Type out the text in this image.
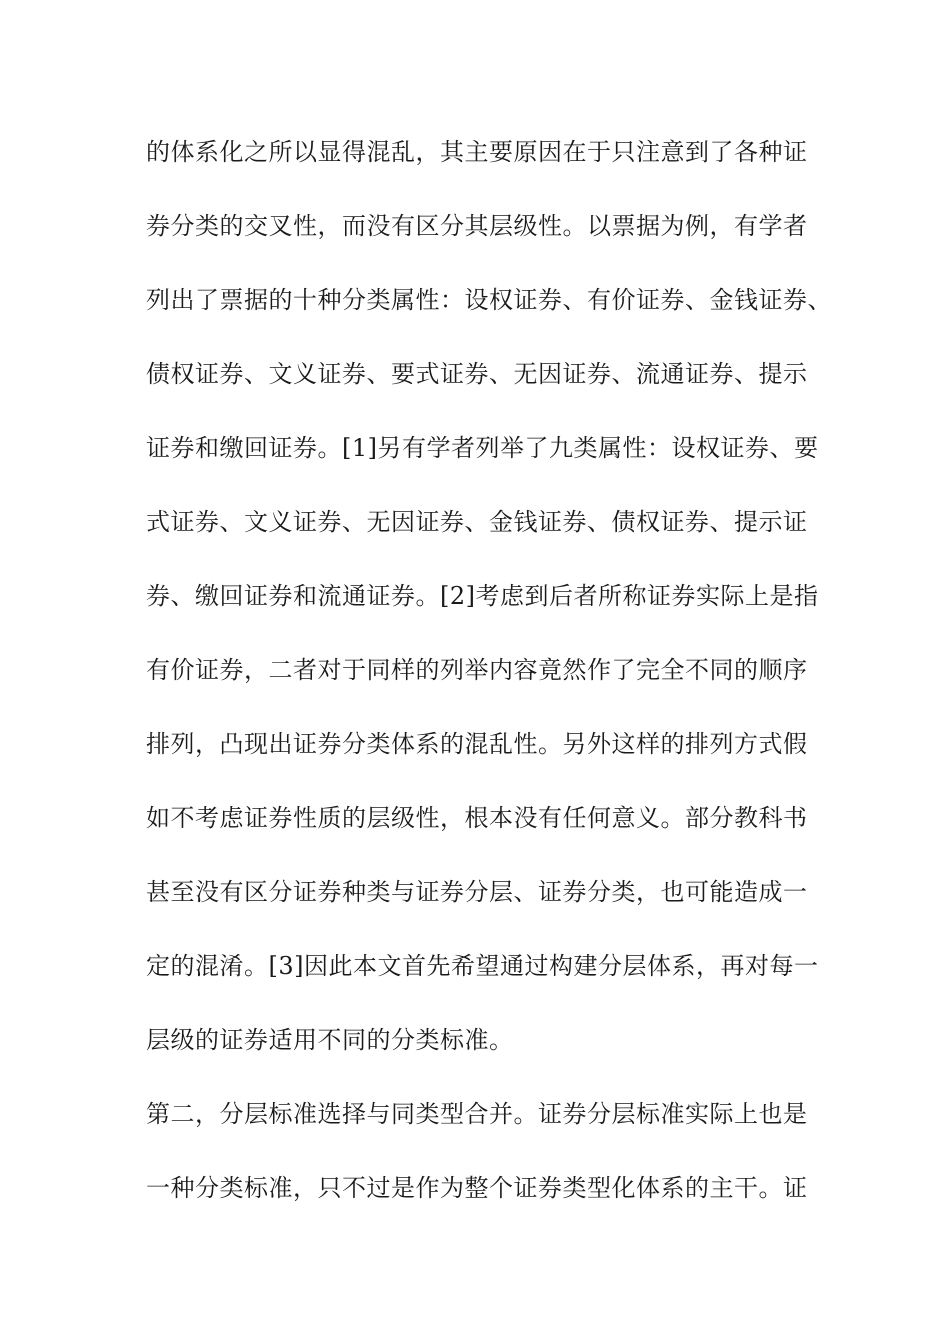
的体系化之所以显得混乱，其主要原因在于只注意到了各种证
券分类的交叉性，而没有区分其层级性。以票据为例，有学者
列出了票据的十种分类属性：设权证券、有价证券、金钱证券、
债权证券、文义证券、要式证券、无因证券、流通证券、提示
证券和缴回证券。[1]另有学者列举了九类属性：设权证券、要
式证券、文义证券、无因证券、金钱证券、债权证券、提示证
券、缴回证券和流通证券。[2]考虑到后者所称证券实际上是指
有价证券，二者对于同样的列举内容竟然作了完全不同的顺序
排列，凸现出证券分类体系的混乱性。另外这样的排列方式假
如不考虑证券性质的层级性，根本没有任何意义。部分教科书
甚至没有区分证券种类与证券分层、证券分类，也可能造成一
定的混淆。[3]因此本文首先希望通过构建分层体系，再对每一
层级的证券适用不同的分类标准。
第二，分层标准选择与同类型合并。证券分层标准实际上也是
一种分类标准，只不过是作为整个证券类型化体系的主干。证
